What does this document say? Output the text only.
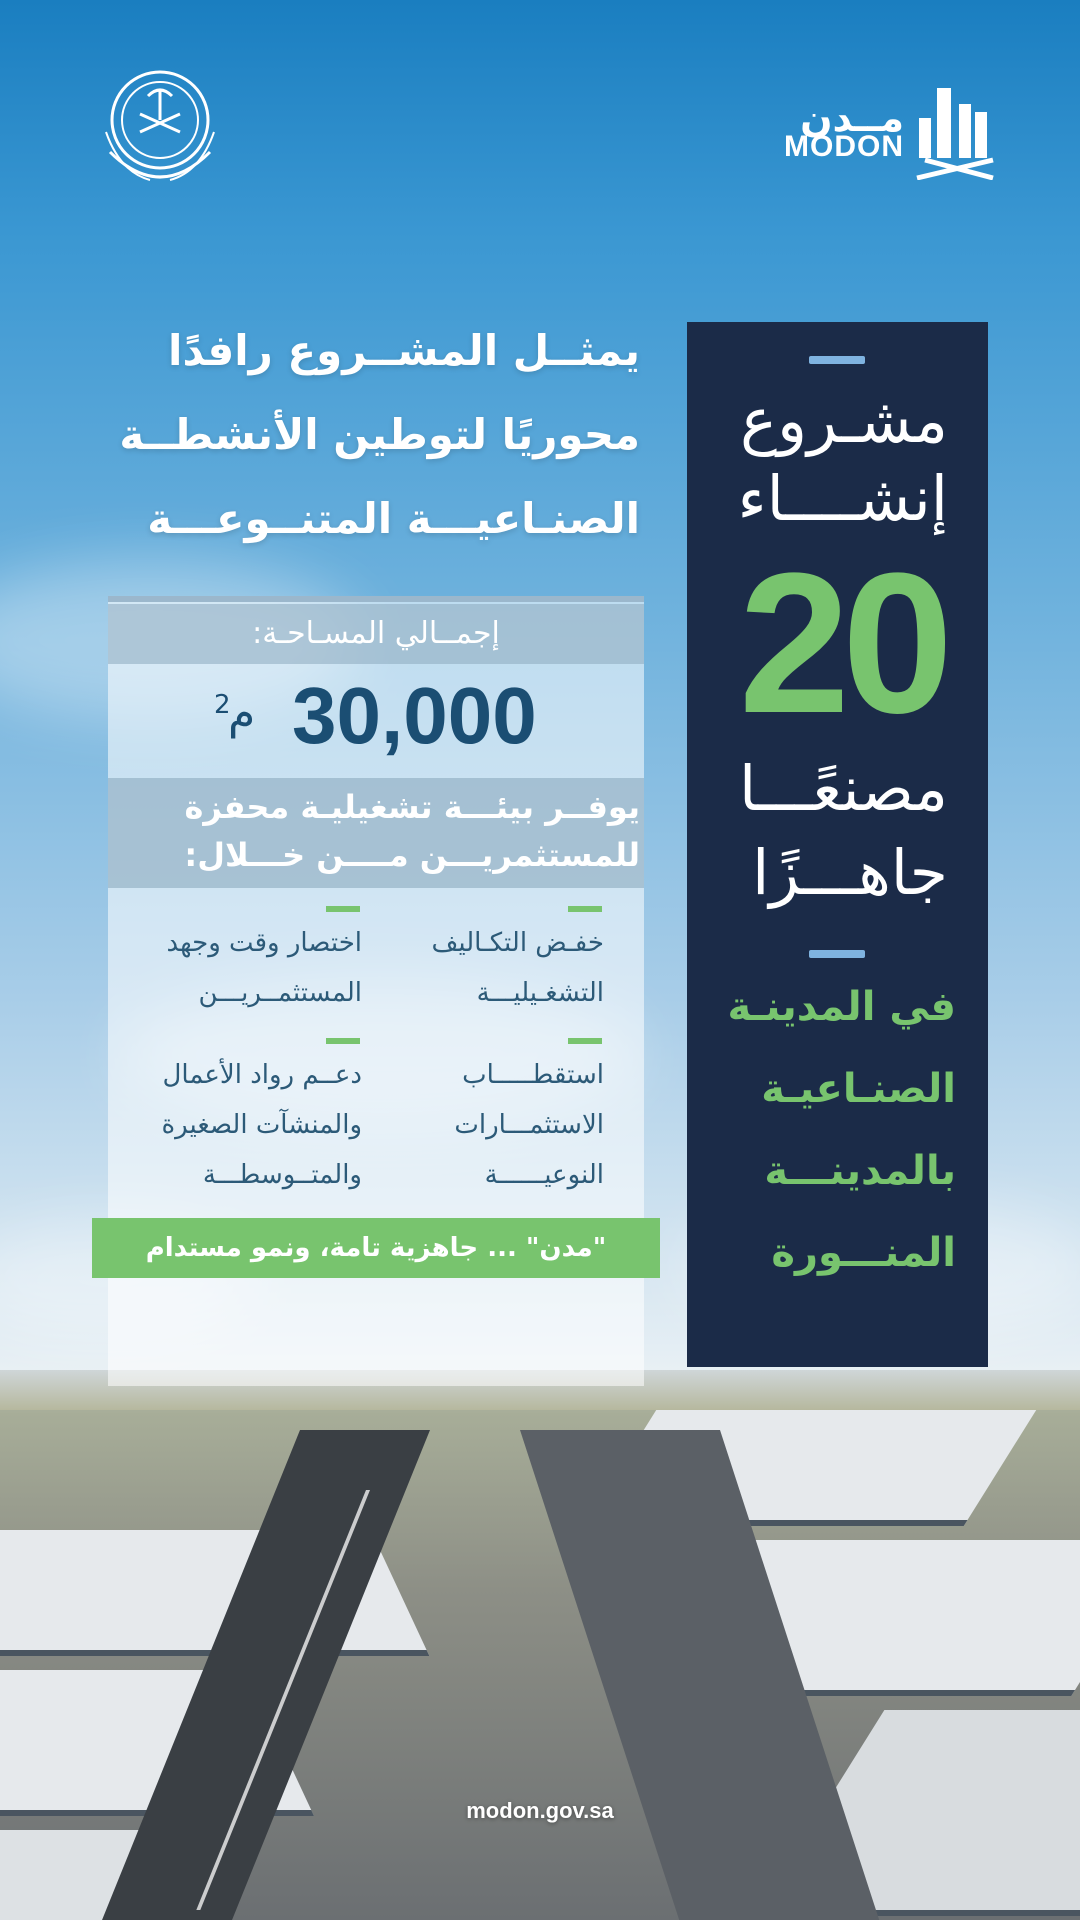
مــدن
MODON
يمثــل المشــروع رافدًا
محوريًا لتوطين الأنشطــة
الصنـاعيـــة المتنــوعـــة
مشـروع
إنشــــاء
20
مصنعًـــا
جاهـــزًا
في المدينـة
الصنـاعيـة
بالمدينـــة
المنـــورة
إجمــالي المسـاحـة:
30,000
م
2
يوفــر بيئـــة تشغيليـة محفزة
للمستثمريـــن مــــن خـــلال:
خفـض التكـاليف
التشغـيليـــة
اختصار وقت وجهد
المستثمــريـــن
استقطـــــاب
الاستثمـــارات
النوعيــــــة
دعــم رواد الأعمال
والمنشآت الصغيرة
والمتــوسطـــة
"مدن" ... جاهزية تامة، ونمو مستدام
modon.gov.sa
